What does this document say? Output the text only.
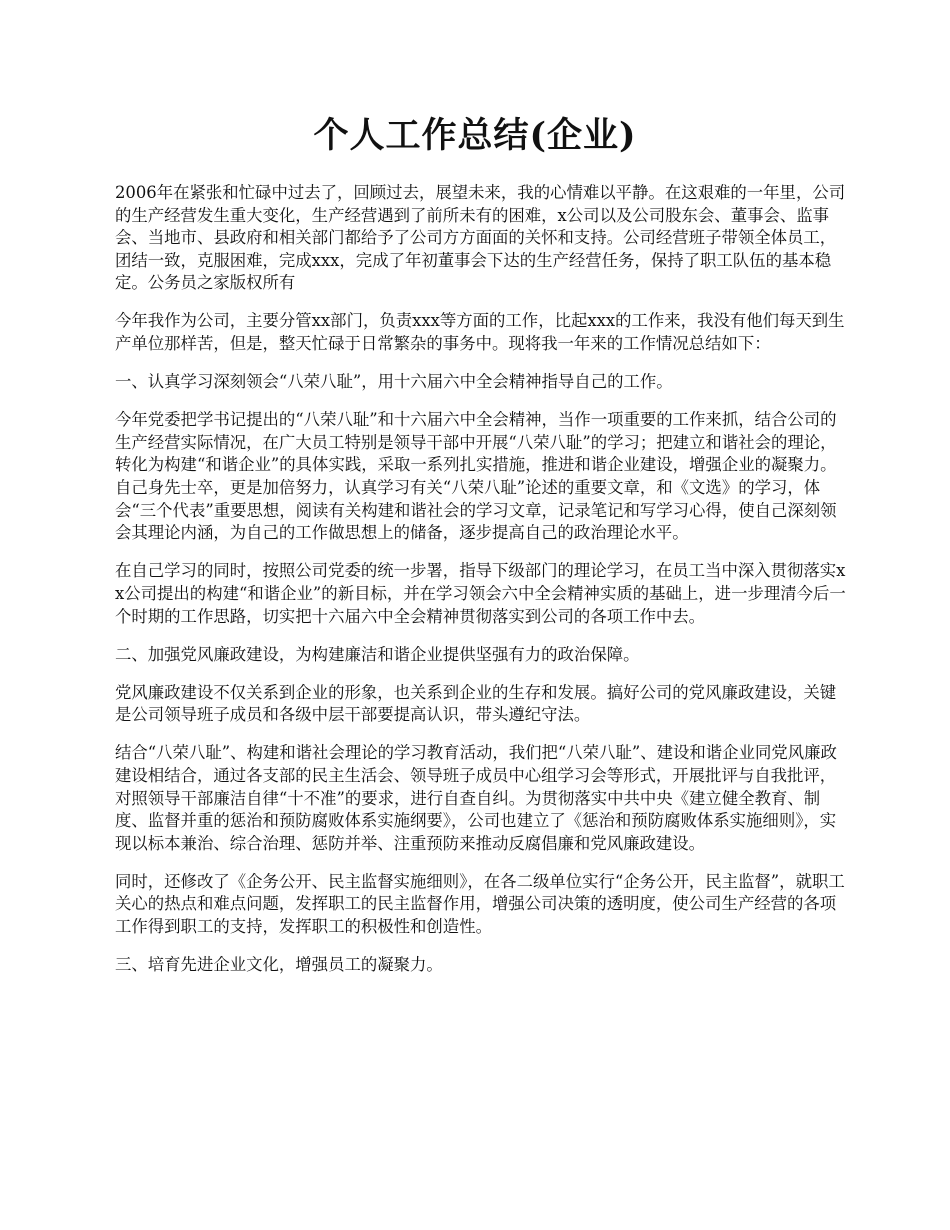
个人工作总结(企业)

2006年在紧张和忙碌中过去了，回顾过去，展望未来，我的心情难以平静。在这艰难的一年里，公司的生产经营发生重大变化，生产经营遇到了前所未有的困难，x公司以及公司股东会、董事会、监事会、当地市、县政府和相关部门都给予了公司方方面面的关怀和支持。公司经营班子带领全体员工，团结一致，克服困难，完成xxx，完成了年初董事会下达的生产经营任务，保持了职工队伍的基本稳定。公务员之家版权所有

今年我作为公司，主要分管xx部门，负责xxx等方面的工作，比起xxx的工作来，我没有他们每天到生产单位那样苦，但是，整天忙碌于日常繁杂的事务中。现将我一年来的工作情况总结如下：

一、认真学习深刻领会“八荣八耻”，用十六届六中全会精神指导自己的工作。

今年党委把学书记提出的“八荣八耻”和十六届六中全会精神，当作一项重要的工作来抓，结合公司的生产经营实际情况，在广大员工特别是领导干部中开展“八荣八耻”的学习；把建立和谐社会的理论，转化为构建“和谐企业”的具体实践，采取一系列扎实措施，推进和谐企业建设，增强企业的凝聚力。自己身先士卒，更是加倍努力，认真学习有关“八荣八耻”论述的重要文章，和《文选》的学习，体会“三个代表”重要思想，阅读有关构建和谐社会的学习文章，记录笔记和写学习心得，使自己深刻领会其理论内涵，为自己的工作做思想上的储备，逐步提高自己的政治理论水平。

在自己学习的同时，按照公司党委的统一步署，指导下级部门的理论学习，在员工当中深入贯彻落实xx公司提出的构建“和谐企业”的新目标，并在学习领会六中全会精神实质的基础上，进一步理清今后一个时期的工作思路，切实把十六届六中全会精神贯彻落实到公司的各项工作中去。

二、加强党风廉政建设，为构建廉洁和谐企业提供坚强有力的政治保障。

党风廉政建设不仅关系到企业的形象，也关系到企业的生存和发展。搞好公司的党风廉政建设，关键是公司领导班子成员和各级中层干部要提高认识，带头遵纪守法。

结合“八荣八耻”、构建和谐社会理论的学习教育活动，我们把“八荣八耻”、建设和谐企业同党风廉政建设相结合，通过各支部的民主生活会、领导班子成员中心组学习会等形式，开展批评与自我批评，对照领导干部廉洁自律“十不准”的要求，进行自查自纠。为贯彻落实中共中央《建立健全教育、制度、监督并重的惩治和预防腐败体系实施纲要》，公司也建立了《惩治和预防腐败体系实施细则》，实现以标本兼治、综合治理、惩防并举、注重预防来推动反腐倡廉和党风廉政建设。

同时，还修改了《企务公开、民主监督实施细则》，在各二级单位实行“企务公开，民主监督”，就职工关心的热点和难点问题，发挥职工的民主监督作用，增强公司决策的透明度，使公司生产经营的各项工作得到职工的支持，发挥职工的积极性和创造性。

三、培育先进企业文化，增强员工的凝聚力。
